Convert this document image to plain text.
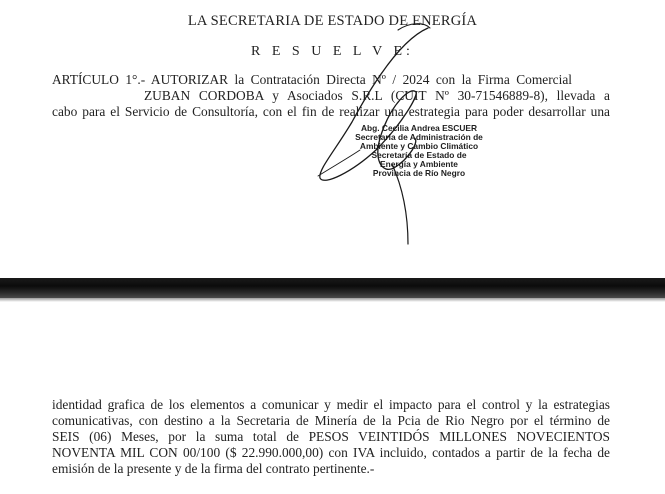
LA SECRETARIA DE ESTADO DE ENERGÍA
R E S U E L V E:
ARTÍCULO 1°.- AUTORIZAR la Contratación Directa Nº / 2024 con la Firma Comercial
ZUBAN CORDOBA y Asociados S.R.L (CUIT Nº 30-71546889-8), llevada a
cabo para el Servicio de Consultoría, con el fin de realizar una estrategia para poder desarrollar una
Abg. Cecilia Andrea ESCUER
Secretaria de Administración de
Ambiente y Cambio Climático
Secretaría de Estado de
Energía y Ambiente
Provincia de Río Negro
identidad grafica de los elementos a comunicar y medir el impacto para el control y la estrategias
comunicativas, con destino a la Secretaria de Minería de la Pcia de Rio Negro por el término de
SEIS (06) Meses, por la suma total de PESOS VEINTIDÓS MILLONES NOVECIENTOS
NOVENTA MIL CON 00/100 ($ 22.990.000,00) con IVA incluido, contados a partir de la fecha de
emisión de la presente y de la firma del contrato pertinente.-
